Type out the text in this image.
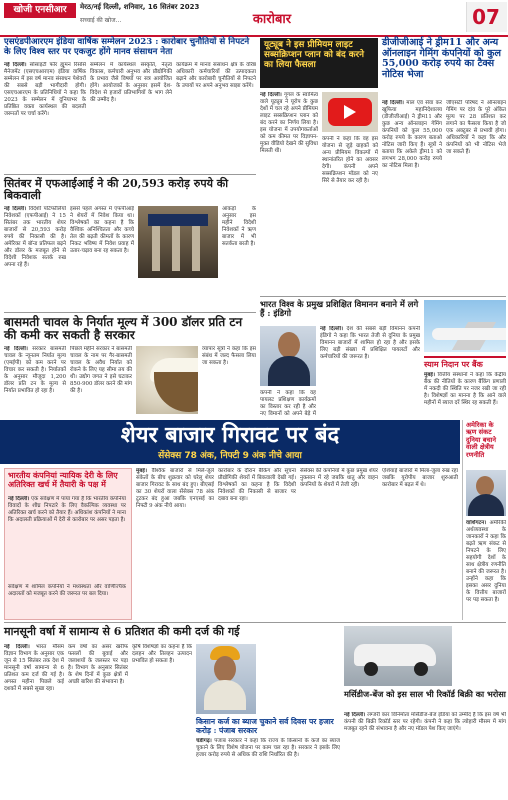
खोजी एनसीआर	मेरठ/नई दिल्ली, शनिवार, 16 सितंबर 2023
सच्चाई की खोज...	कारोबार	07
एसएंडपीआरएम इंडिया वार्षिक सम्मेलन 2023 : कारोबार चुनौतियों से निपटने के लिए विश्व स्तर पर एकजुट होंगे मानव संसाधन नेता
नई दिल्ली। सोसाइटी फॉर ह्यूमन रिसोर्स मैनेजमेंट (एसएचआरएम) इंडिया वार्षिक सम्मेलन में इस वर्ष मानव संसाधन पेशेवरों की सबसे बड़ी भागीदारी होगी। एसएचआरएम के प्रतिनिधियों ने कहा कि 2023 के सम्मेलन में दुनियाभर के प्रतिष्ठित वक्ता कार्यस्थल की बदलती जरूरतों पर चर्चा करेंगे।
सम्मेलन में कार्यस्थल संस्कृति, नेतृत्व विकास, कर्मचारी अनुभव और प्रौद्योगिकी के प्रभाव जैसे विषयों पर सत्र आयोजित होंगे। आयोजकों के अनुसार इसमें देश-विदेश से हजारों प्रतिभागियों के भाग लेने की उम्मीद है।
कार्यक्रम में मानव संसाधन क्षेत्र के वरिष्ठ अधिकारी कर्मचारियों की उत्पादकता बढ़ाने और कारोबारी चुनौतियों से निपटने के उपायों पर अपने अनुभव साझा करेंगे।
सितंबर में एफआईआई ने की 20,593 करोड़ रुपये की बिकवाली
नई दिल्ली। विदेशी पोर्टफोलियो निवेशकों (एफपीआई) ने 15 सितंबर तक भारतीय शेयर बाजारों से 20,593 करोड़ रुपये की निकासी की है। अमेरिका में बॉन्ड प्रतिफल बढ़ने और डॉलर के मजबूत होने से विदेशी निवेशक सतर्क रुख अपना रहे हैं।
इससे पहले अगस्त में एफपीआई ने शेयरों में निवेश किया था। विश्लेषकों का कहना है कि वैश्विक अनिश्चितता और कच्चे तेल की बढ़ती कीमतों के कारण निकट भविष्य में निवेश प्रवाह में उतार-चढ़ाव बना रह सकता है।
आंकड़ों के अनुसार इस महीने विदेशी निवेशकों ने ऋण बाजार में भी सतर्कता बरती है।
बासमती चावल के निर्यात मूल्य में 300 डॉलर प्रति टन की कमी कर सकती है सरकार
नई दिल्ली। सरकार बासमती चावल के न्यूनतम निर्यात मूल्य (एमईपी) को कम करने पर विचार कर सकती है। निर्यातकों के अनुसार मौजूदा 1,200 डॉलर प्रति टन के मूल्य से निर्यात प्रभावित हो रहा है।
पिछले महीने सरकार ने बासमती चावल के नाम पर गैर-बासमती चावल के अवैध निर्यात को रोकने के लिए यह सीमा तय की थी। उद्योग जगत ने इसे घटाकर 850-900 डॉलर करने की मांग की है।
व्यापार सूत्रों ने कहा कि इस संबंध में जल्द फैसला लिया जा सकता है।
यूट्यूब ने इस प्रीमियम लाइट सब्सक्रिप्शन प्लान को बंद करने का लिया फैसला
नई दिल्ली। गूगल के स्वामित्व वाले यूट्यूब ने यूरोप के कुछ देशों में चल रहे अपने प्रीमियम लाइट सब्सक्रिप्शन प्लान को बंद करने का निर्णय लिया है। इस योजना में उपयोगकर्ताओं को कम कीमत पर विज्ञापन-मुक्त वीडियो देखने की सुविधा मिलती थी।
कंपनी ने कहा कि वह इस योजना से जुड़े ग्राहकों को अन्य प्रीमियम विकल्पों में स्थानांतरित होने का अवसर देगी। कंपनी अपने सब्सक्रिप्शन मॉडल को नए सिरे से तैयार कर रही है।
डीजीजीआई ने ड्रीम11 और अन्य ऑनलाइन गेमिंग कंपनियों को कुल 55,000 करोड़ रुपये का टैक्स नोटिस भेजा
नई दिल्ली। माल एवं सेवा कर खुफिया महानिदेशालय (डीजीजीआई) ने ड्रीम11 और कुछ अन्य ऑनलाइन गेमिंग कंपनियों को कुल 55,000 करोड़ रुपये के कारण बताओ नोटिस जारी किए हैं। सूत्रों ने बताया कि अकेले ड्रीम11 को लगभग 28,000 करोड़ रुपये का नोटिस मिला है।
जीएसटी परिषद ने ऑनलाइन गेमिंग पर दांव के पूरे अंकित मूल्य पर 28 प्रतिशत कर लगाने का फैसला किया है जो एक अक्टूबर से प्रभावी होगा। अधिकारियों ने कहा कि और कंपनियों को भी नोटिस भेजे जा सकते हैं।
भारत विश्व के प्रमुख प्रशिक्षित विमानन बनाने में लगे हैं : इंडिगो
नई दिल्ली। देश की सबसे बड़ी विमानन कंपनी इंडिगो ने कहा कि भारत तेजी से दुनिया के प्रमुख विमानन बाजारों में शामिल हो रहा है और इसके लिए बड़ी संख्या में प्रशिक्षित पायलटों और कर्मचारियों की जरूरत है।
कंपनी ने कहा कि वह पायलट प्रशिक्षण कार्यक्रमों का विस्तार कर रही है और नए विमानों को अपने बेड़े में
स्याम निदान पर बैंक
मुंबई। वित्तीय संस्थानों ने कहा कि केंद्रीय बैंक की नीतियों के कारण बैंकिंग प्रणाली में नकदी की स्थिति पर नजर रखी जा रही है। विशेषज्ञों का मानना है कि आने वाले महीनों में ब्याज दरें स्थिर रह सकती हैं।
शेयर बाजार गिरावट पर बंद
सेंसेक्स 78 अंक, निफ्टी 9 अंक नीचे आया
भारतीय कंपनियां न्यायिक देरी के लिए अतिरिक्त खर्च में तैयारी के पक्ष में
नई दिल्ली। एक सर्वेक्षण में पाया गया है कि भारतीय कंपनियां विवादों के शीघ्र निपटारे के लिए वैकल्पिक व्यवस्था पर अतिरिक्त खर्च करने को तैयार हैं। अधिकांश कंपनियों ने माना कि अदालती प्रक्रियाओं में देरी से कारोबार पर असर पड़ता है।
सर्वेक्षण में शामिल कंपनियों ने मध्यस्थता और वाणिज्यिक अदालतों को मजबूत करने की जरूरत पर बल दिया।
मुंबई। वैश्विक बाजारों से मिले-जुले संकेतों के बीच शुक्रवार को घरेलू शेयर बाजार गिरावट के साथ बंद हुए। बीएसई का 30 शेयरों वाला सेंसेक्स 78 अंक टूटकर बंद हुआ जबकि एनएसई का निफ्टी 9 अंक नीचे आया।
कारोबार के दौरान बैंकिंग और सूचना प्रौद्योगिकी शेयरों में बिकवाली देखी गई। विश्लेषकों का कहना है कि विदेशी निवेशकों की निकासी से बाजार पर दबाव बना रहा।
सेंसेक्स की कंपनियों में कुछ प्रमुख शेयर नुकसान में रहे जबकि धातु और वाहन कंपनियों के शेयरों में तेजी रही।
एशियाई बाजारों में मिला-जुला रुख रहा जबकि यूरोपीय बाजार शुरुआती कारोबार में बढ़त में थे।
अमेरिका के ऋण संकट दुनिया बचाने वाली क्षेत्रीय रणनीति
वाशिंगटन। अमेरिकी अर्थव्यवस्था के जानकारों ने कहा कि बढ़ते ऋण संकट से निपटने के लिए सहयोगी देशों के साथ क्षेत्रीय रणनीति बनाने की जरूरत है। उन्होंने कहा कि इसका असर दुनिया के वित्तीय बाजारों पर पड़ सकता है।
मानसूनी वर्षा में सामान्य से 6 प्रतिशत की कमी दर्ज की गई
नई दिल्ली। भारत मौसम विज्ञान विभाग के अनुसार एक जून से 15 सितंबर तक देश में मानसूनी वर्षा सामान्य से 6 प्रतिशत कम दर्ज की गई है। अगस्त महीना पिछले कई दशकों में सबसे सूखा रहा।
कम वर्षा का असर खरीफ फसलों की बुवाई और जलाशयों के जलस्तर पर पड़ा है। विभाग के अनुसार सितंबर के शेष दिनों में कुछ क्षेत्रों में अच्छी बारिश की संभावना है।
कृषि विशेषज्ञों का कहना है कि दलहन और तिलहन उत्पादन प्रभावित हो सकता है।
किसान कर्ज का ब्याज चुकाने सर्व दिवस पर हजार करोड़ : पंजाब सरकार
चंडीगढ़। पंजाब सरकार ने कहा कि राज्य के किसानों के कर्ज का ब्याज चुकाने के लिए विशेष योजना पर काम चल रहा है। सरकार ने इसके लिए हजार करोड़ रुपये से अधिक की राशि निर्धारित की है।
मर्सिडीज-बेंज को इस साल भी रिकॉर्ड बिक्री का भरोसा
नई दिल्ली। लग्जरी कार विनिर्माता मर्सिडीज-बेंज इंडिया को उम्मीद है कि इस वर्ष भी कंपनी की बिक्री रिकॉर्ड स्तर पर रहेगी। कंपनी ने कहा कि त्योहारी मौसम में मांग मजबूत रहने की संभावना है और नए मॉडल पेश किए जाएंगे।
